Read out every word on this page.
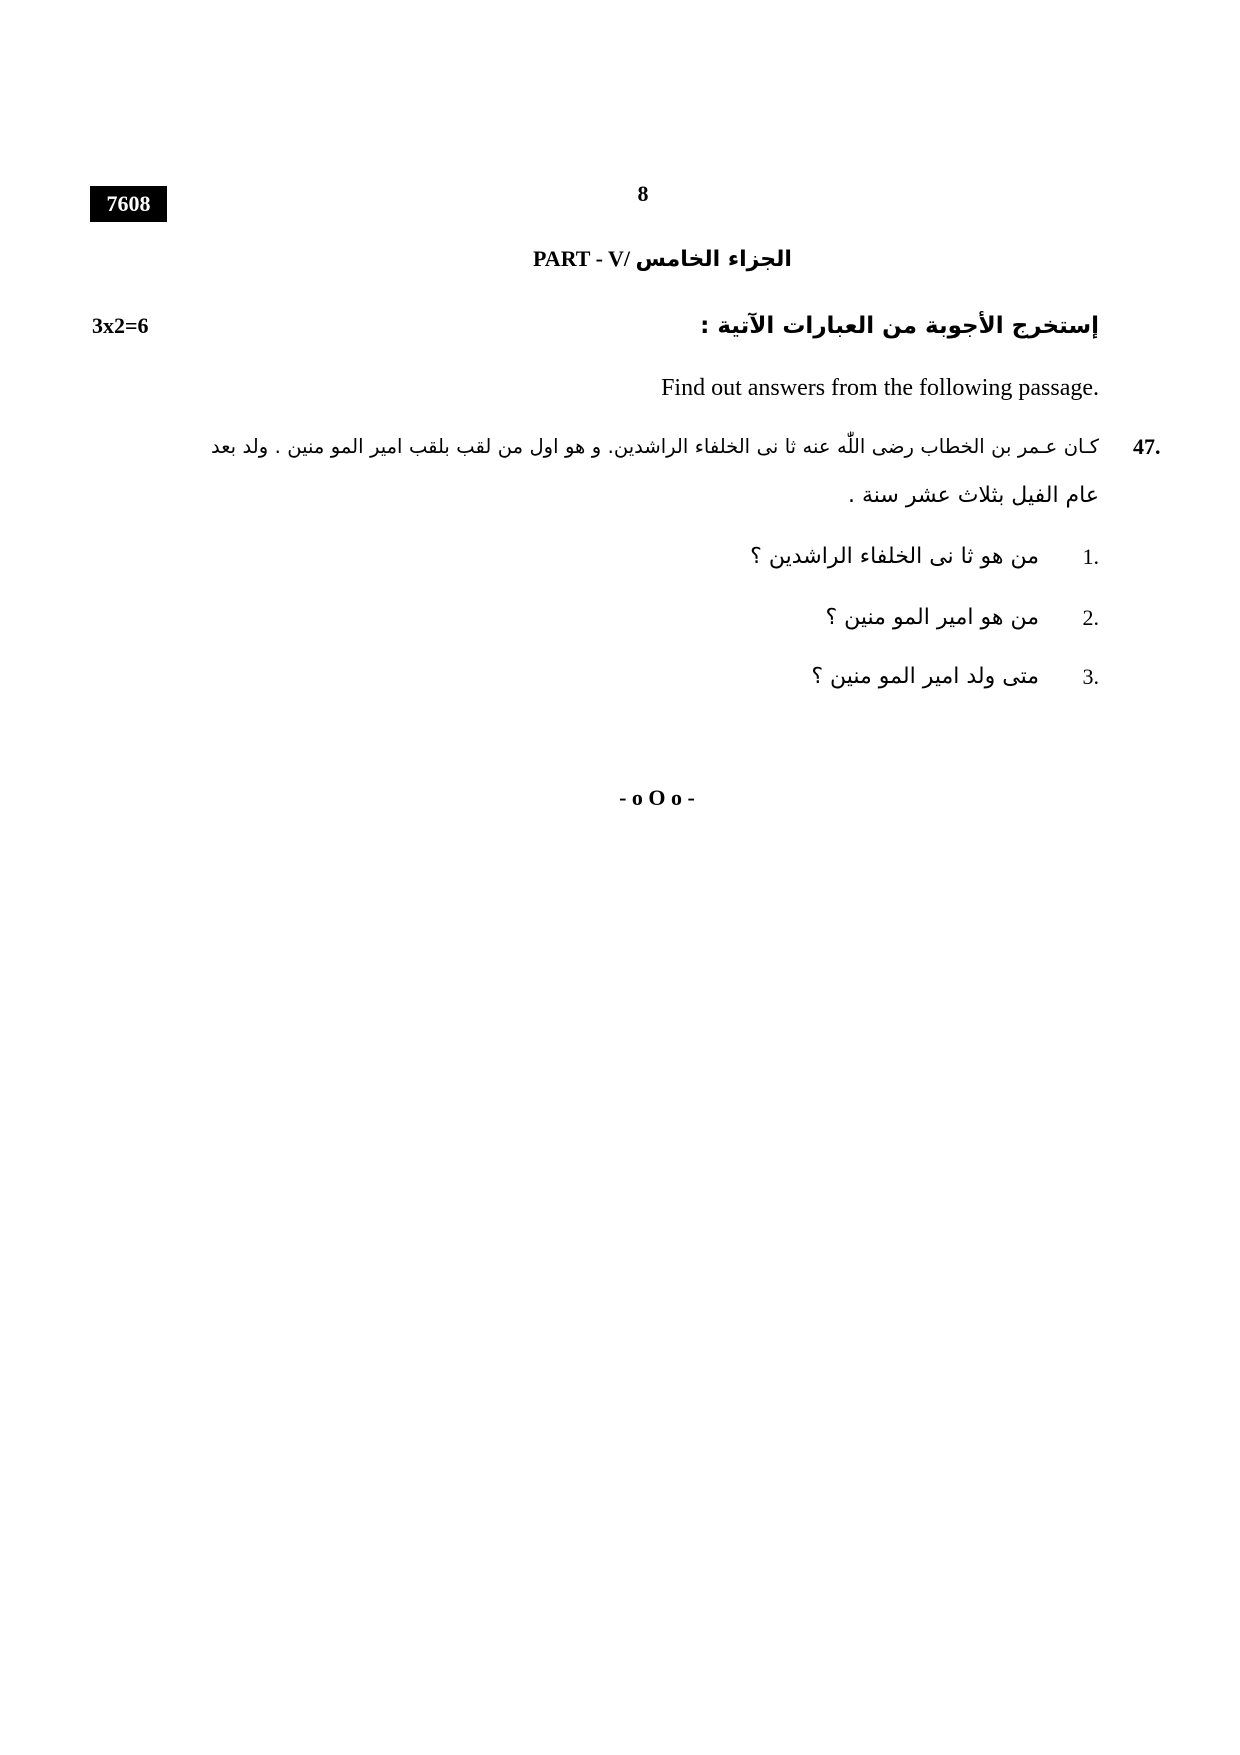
7608	8
PART - V/ الجزاء الخامس
3x2=6	إستخرج الأجوبة من العبارات الآتية :
Find out answers from the following passage.
47.
كـان عـمر بن الخطاب رضى اللّٰه عنه ثا نى الخلفاء الراشدين. و هو اول من لقب بلقب امير المو منين . ولد بعد
عام الفيل بثلاث عشر سنة .
1.
من هو ثا نى الخلفاء الراشدين ؟
2.
من هو امير المو منين ؟
3.
متى ولد امير المو منين ؟
- o O o -
